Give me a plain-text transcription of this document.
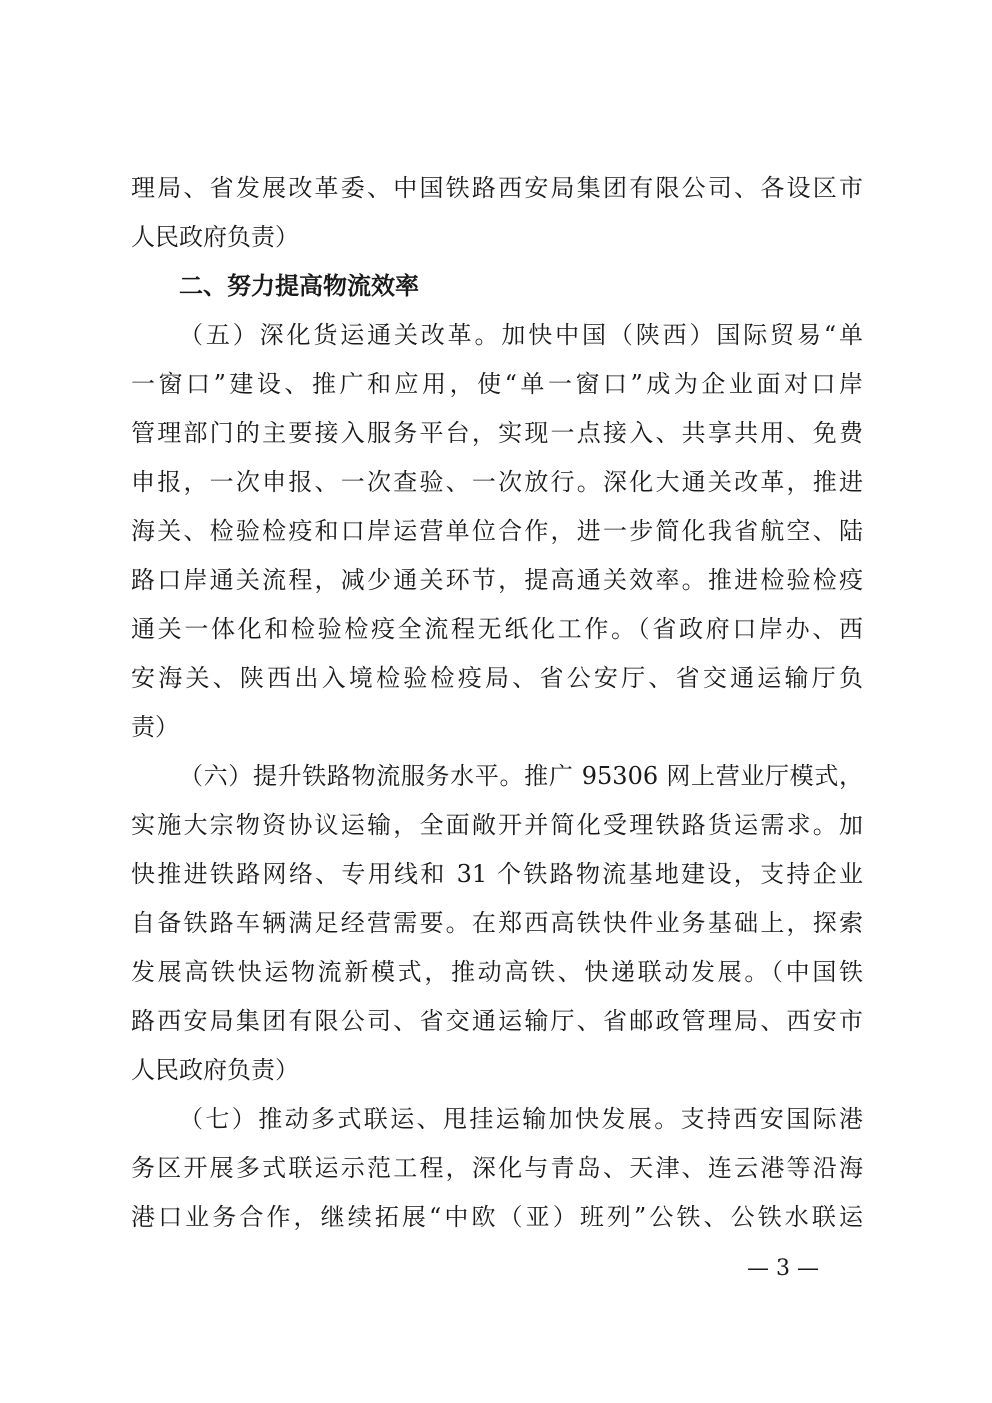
理局、省发展改革委、中国铁路西安局集团有限公司、各设区市
人民政府负责）
二、努力提高物流效率
（五）深化货运通关改革。加快中国（陕西）国际贸易“单
一窗口”建设、推广和应用，使“单一窗口”成为企业面对口岸
管理部门的主要接入服务平台，实现一点接入、共享共用、免费
申报，一次申报、一次查验、一次放行。深化大通关改革，推进
海关、检验检疫和口岸运营单位合作，进一步简化我省航空、陆
路口岸通关流程，减少通关环节，提高通关效率。推进检验检疫
通关一体化和检验检疫全流程无纸化工作。（省政府口岸办、西
安海关、陕西出入境检验检疫局、省公安厅、省交通运输厅负
责）
（六）提升铁路物流服务水平。推广 95306 网上营业厅模式，
实施大宗物资协议运输，全面敞开并简化受理铁路货运需求。加
快推进铁路网络、专用线和 31 个铁路物流基地建设，支持企业
自备铁路车辆满足经营需要。在郑西高铁快件业务基础上，探索
发展高铁快运物流新模式，推动高铁、快递联动发展。（中国铁
路西安局集团有限公司、省交通运输厅、省邮政管理局、西安市
人民政府负责）
（七）推动多式联运、甩挂运输加快发展。支持西安国际港
务区开展多式联运示范工程，深化与青岛、天津、连云港等沿海
港口业务合作，继续拓展“中欧（亚）班列”公铁、公铁水联运
— 3 —
